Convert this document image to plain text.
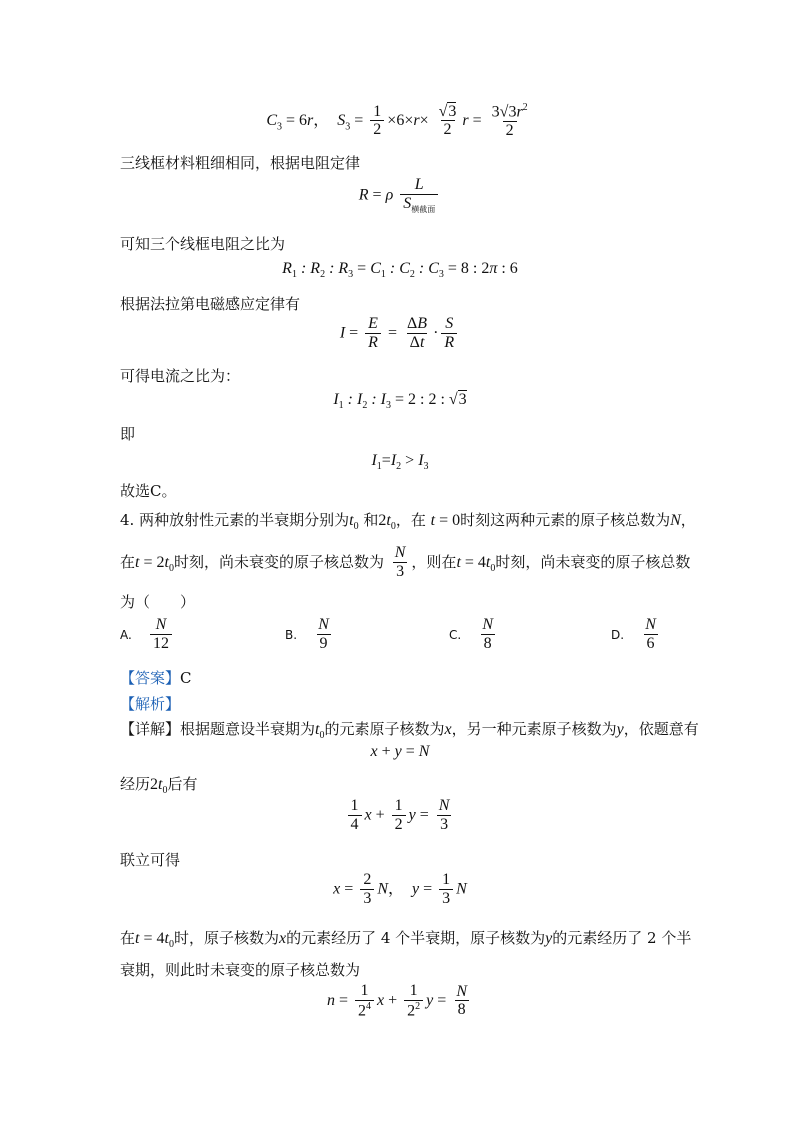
$C_3 = 6r$，  $S_3 = \frac{1}{2} \times 6\times r\times \frac{√3}{2}$ $r = \frac{3√3r^2}{2}$
三线框材料粗细相同，根据电阻定律
R = ρ $\frac{L}{S_{横截面}}$
可知三个线框电阻之比为
$R_1$ : $R_2$ : $R_3 = C_1$ : $C_2$ : $C_3 = 8$ : 2π : 6
根据法拉第电磁感应定律有
$I = \frac{E}{R} = \frac{\Delta B}{\Delta t} \cdot \frac{S}{R}$
可得电流之比为：
$I_1$ : $I_2$ : $I_3 = 2$ : 2 : √3
即
$I_1=I_2 > I_3$
故选C。
4. 两种放射性元素的半衰期分别为$t_0$ 和$2t_0$，在 t = 0时刻这两种元素的原子核总数为N，
在$t = 2t_0$时刻，尚未衰变的原子核总数为 $\frac{N}{3}$ ，则在$t = 4t_0$时刻，尚未衰变的原子核总数
为（　　）
A. $\frac{N}{12}$	B. $\frac{N}{9}$	C. $\frac{N}{8}$	D. $\frac{N}{6}$
【答案】C
【解析】
【详解】根据题意设半衰期为$t_0$的元素原子核数为x，另一种元素原子核数为y，依题意有
x + y = N
经历$2t_0$后有
$\frac{1}{4}$ $x + \frac{1}{2}$ $y = \frac{N}{3}$
联立可得
$x = \frac{2}{3}$ N，  $y = \frac{1}{3}$ N
在$t = 4t_0$时，原子核数为x的元素经历了 4 个半衰期，原子核数为y的元素经历了 2 个半
衰期，则此时未衰变的原子核总数为
$n = \frac{1}{2^4}$ $x + \frac{1}{2^2}$ $y = \frac{N}{8}$
